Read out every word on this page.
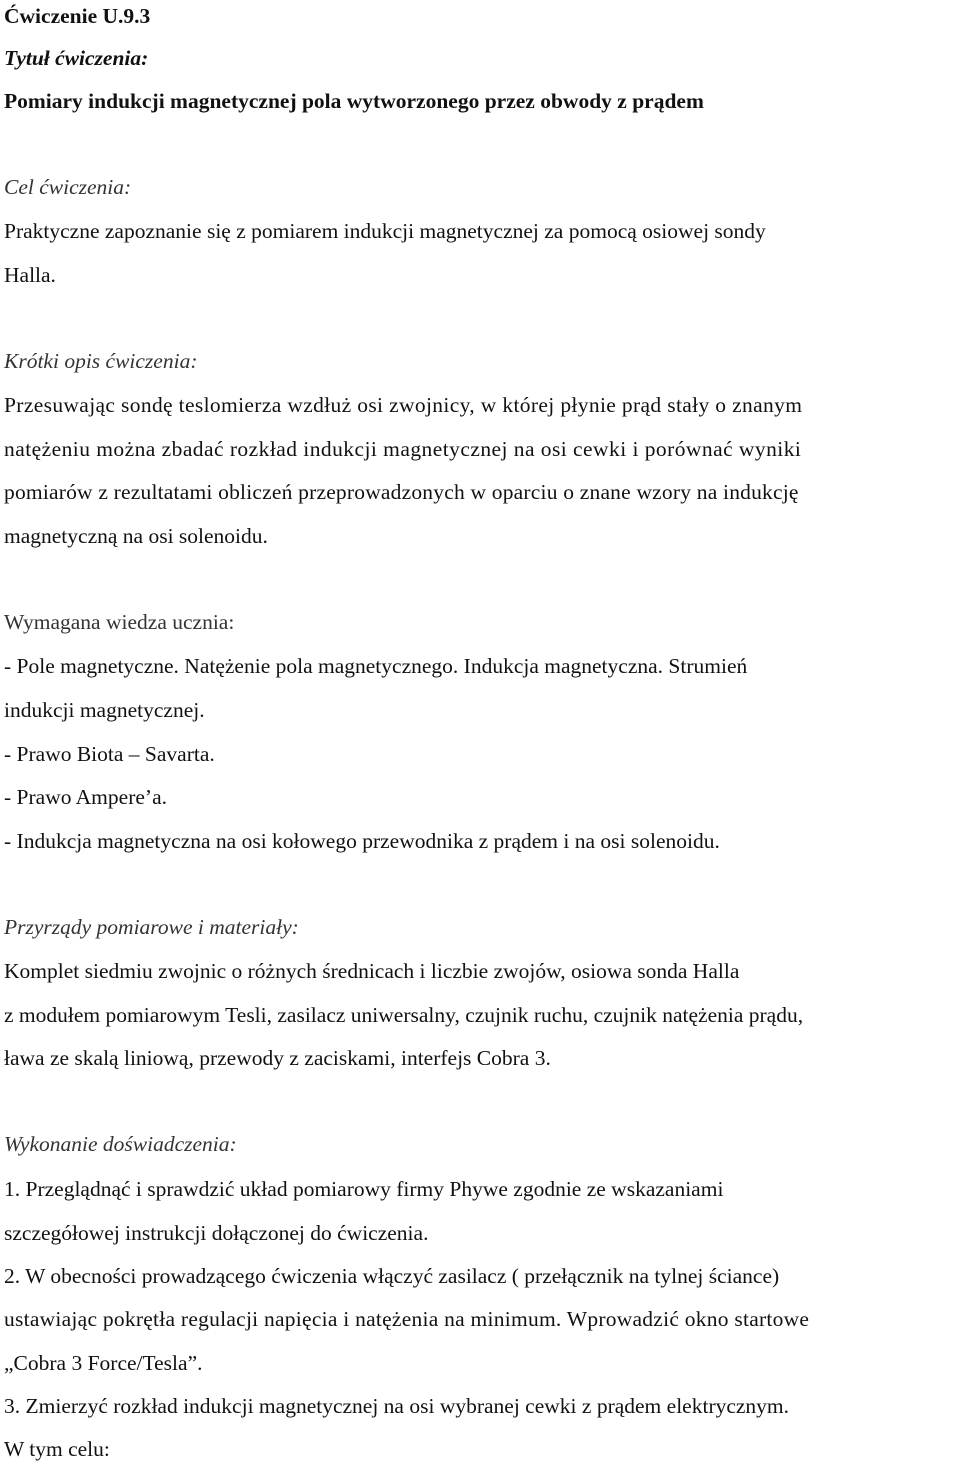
Ćwiczenie U.9.3
Tytuł ćwiczenia:
Pomiary indukcji magnetycznej pola wytworzonego przez obwody z prądem
Cel ćwiczenia:
Praktyczne zapoznanie się z pomiarem indukcji magnetycznej za pomocą osiowej sondy
Halla.
Krótki opis ćwiczenia:
Przesuwając sondę teslomierza wzdłuż osi zwojnicy, w której płynie prąd stały o znanym
natężeniu można zbadać rozkład indukcji magnetycznej na osi cewki i porównać wyniki
pomiarów z rezultatami obliczeń przeprowadzonych w oparciu o znane wzory na indukcję
magnetyczną na osi solenoidu.
Wymagana wiedza ucznia:
- Pole magnetyczne. Natężenie pola magnetycznego. Indukcja magnetyczna. Strumień
indukcji magnetycznej.
- Prawo Biota – Savarta.
- Prawo Ampere’a.
- Indukcja magnetyczna na osi kołowego przewodnika z prądem i na osi solenoidu.
Przyrządy pomiarowe i materiały:
Komplet siedmiu zwojnic o różnych średnicach i liczbie zwojów, osiowa sonda Halla
z modułem pomiarowym Tesli, zasilacz uniwersalny, czujnik ruchu, czujnik natężenia prądu,
ława ze skalą liniową, przewody z zaciskami, interfejs Cobra 3.
Wykonanie doświadczenia:
1. Przeglądnąć i sprawdzić układ pomiarowy firmy Phywe zgodnie ze wskazaniami
szczegółowej instrukcji dołączonej do ćwiczenia.
2. W obecności prowadzącego ćwiczenia włączyć zasilacz ( przełącznik na tylnej ściance)
ustawiając pokrętła regulacji napięcia i natężenia na minimum. Wprowadzić okno startowe
„Cobra 3 Force/Tesla”.
3. Zmierzyć rozkład indukcji magnetycznej na osi wybranej cewki z prądem elektrycznym.
W tym celu:
